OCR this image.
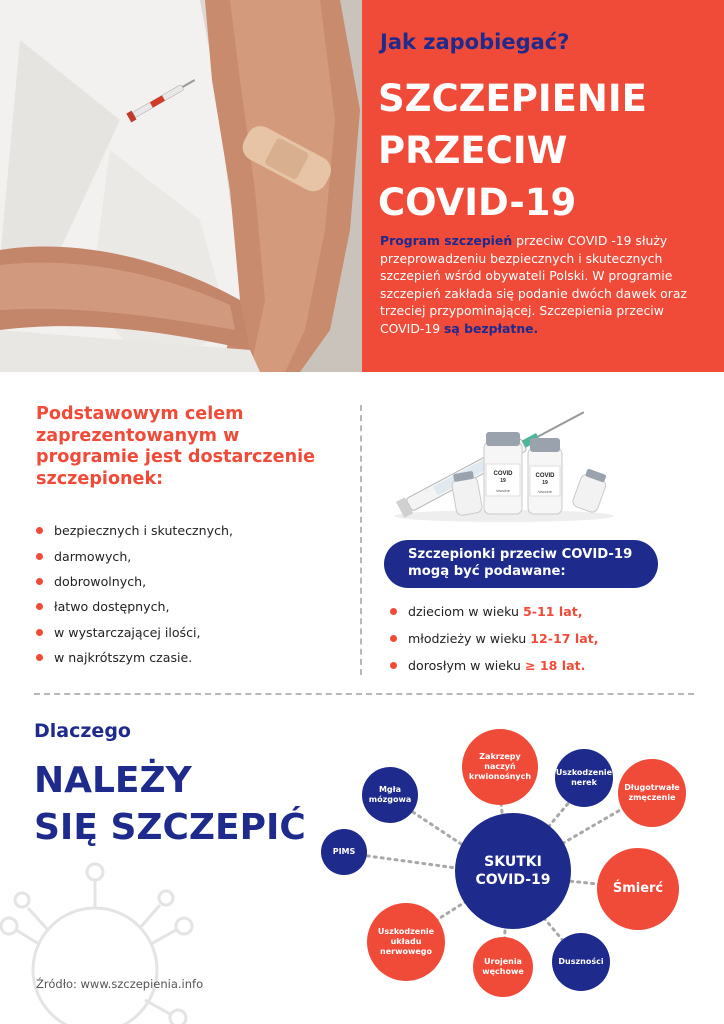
Jak zapobiegać?
SZCZEPIENIE
PRZECIW
COVID-19

Program szczepień przeciw COVID -19 służy przeprowadzeniu bezpiecznych i skutecznych szczepień wśród obywateli Polski. W programie szczepień zakłada się podanie dwóch dawek oraz trzeciej przypominającej. Szczepienia przeciw COVID-19 są bezpłatne.

Podstawowym celem zaprezentowanym w programie jest dostarczenie szczepionek:
bezpiecznych i skutecznych,
darmowych,
dobrowolnych,
łatwo dostępnych,
w wystarczającej ilości,
w najkrótszym czasie.
COVID
19
Vaccine
COVID
19
Vaccine
Szczepionki przeciw COVID-19
mogą być podawane:
dzieciom w wieku 5-11 lat,
młodzieży w wieku 12-17 lat,
dorosłym w wieku ≥ 18 lat.
Dlaczego
NALEŻY
SIĘ SZCZEPIĆ
Źródło: www.szczepienia.info
Mgła mózgowa
Zakrzepy naczyń krwionośnych	Uszkodzenie nerek
Długotrwałe zmęczenie
PIMS
SKUTKI
COVID-19
Śmierć
Uszkodzenie układu nerwowego
Urojenia węchowe
Duszności
